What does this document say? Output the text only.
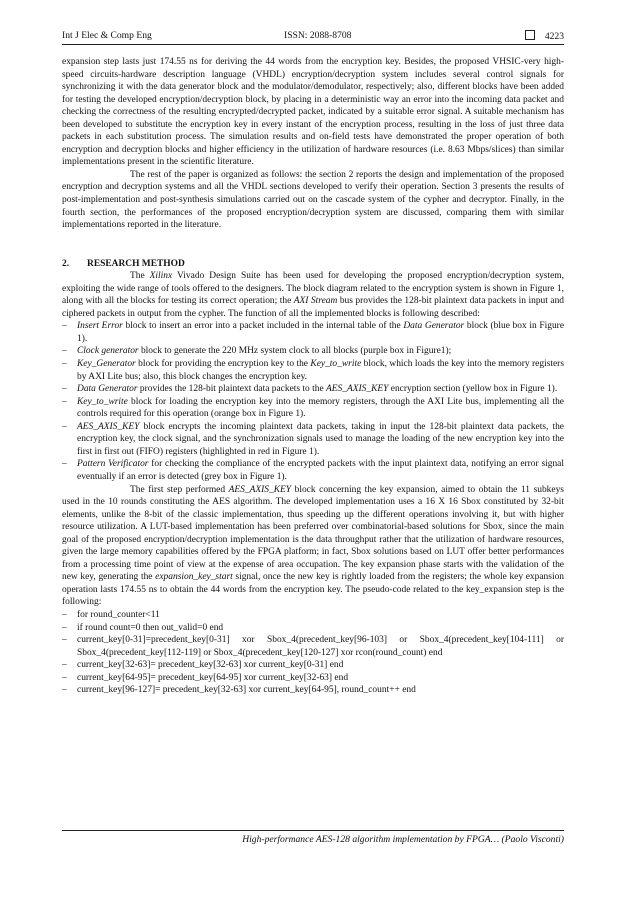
Int J Elec & Comp Eng	ISSN: 2088-8708	4223

expansion step lasts just 174.55 ns for deriving the 44 words from the encryption key. Besides, the proposed VHSIC-very high-speed circuits-hardware description language (VHDL) encryption/decryption system includes several control signals for synchronizing it with the data generator block and the modulator/demodulator, respectively; also, different blocks have been added for testing the developed encryption/decryption block, by placing in a deterministic way an error into the incoming data packet and checking the correctness of the resulting encrypted/decrypted packet, indicated by a suitable error signal. A suitable mechanism has been developed to substitute the encryption key in every instant of the encryption process, resulting in the loss of just three data packets in each substitution process. The simulation results and on-field tests have demonstrated the proper operation of both encryption and decryption blocks and higher efficiency in the utilization of hardware resources (i.e. 8.63 Mbps/slices) than similar implementations present in the scientific literature.

The rest of the paper is organized as follows: the section 2 reports the design and implementation of the proposed encryption and decryption systems and all the VHDL sections developed to verify their operation. Section 3 presents the results of post-implementation and post-synthesis simulations carried out on the cascade system of the cypher and decryptor. Finally, in the fourth section, the performances of the proposed encryption/decryption system are discussed, comparing them with similar implementations reported in the literature.

2. RESEARCH METHOD

The Xilinx Vivado Design Suite has been used for developing the proposed encryption/decryption system, exploiting the wide range of tools offered to the designers. The block diagram related to the encryption system is shown in Figure 1, along with all the blocks for testing its correct operation; the AXI Stream bus provides the 128-bit plaintext data packets in input and ciphered packets in output from the cypher. The function of all the implemented blocks is following described:

– Insert Error block to insert an error into a packet included in the internal table of the Data Generator block (blue box in Figure 1).
– Clock generator block to generate the 220 MHz system clock to all blocks (purple box in Figure1);
– Key_Generator block for providing the encryption key to the Key_to_write block, which loads the key into the memory registers by AXI Lite bus; also, this block changes the encryption key.
– Data Generator provides the 128-bit plaintext data packets to the AES_AXIS_KEY encryption section (yellow box in Figure 1).
– Key_to_write block for loading the encryption key into the memory registers, through the AXI Lite bus, implementing all the controls required for this operation (orange box in Figure 1).
– AES_AXIS_KEY block encrypts the incoming plaintext data packets, taking in input the 128-bit plaintext data packets, the encryption key, the clock signal, and the synchronization signals used to manage the loading of the new encryption key into the first in first out (FIFO) registers (highlighted in red in Figure 1).
– Pattern Verificator for checking the compliance of the encrypted packets with the input plaintext data, notifying an error signal eventually if an error is detected (grey box in Figure 1).

The first step performed AES_AXIS_KEY block concerning the key expansion, aimed to obtain the 11 subkeys used in the 10 rounds constituting the AES algorithm. The developed implementation uses a 16 X 16 Sbox constituted by 32-bit elements, unlike the 8-bit of the classic implementation, thus speeding up the different operations involving it, but with higher resource utilization. A LUT-based implementation has been preferred over combinatorial-based solutions for Sbox, since the main goal of the proposed encryption/decryption implementation is the data throughput rather that the utilization of hardware resources, given the large memory capabilities offered by the FPGA platform; in fact, Sbox solutions based on LUT offer better performances from a processing time point of view at the expense of area occupation. The key expansion phase starts with the validation of the new key, generating the expansion_key_start signal, once the new key is rightly loaded from the registers; the whole key expansion operation lasts 174.55 ns to obtain the 44 words from the encryption key. The pseudo-code related to the key_expansion step is the following:

– for round_counter<11
– if round count=0 then out_valid=0 end
– current_key[0-31]=precedent_key[0-31] xor Sbox_4(precedent_key[96-103] or Sbox_4(precedent_key[104-111] or Sbox_4(precedent_key[112-119] or Sbox_4(precedent_key[120-127] xor rcon(round_count) end
– current_key[32-63]= precedent_key[32-63] xor current_key[0-31] end
– current_key[64-95]= precedent_key[64-95] xor current_key[32-63] end
– current_key[96-127]= precedent_key[32-63] xor current_key[64-95], round_count++ end
High-performance AES-128 algorithm implementation by FPGA… (Paolo Visconti)
